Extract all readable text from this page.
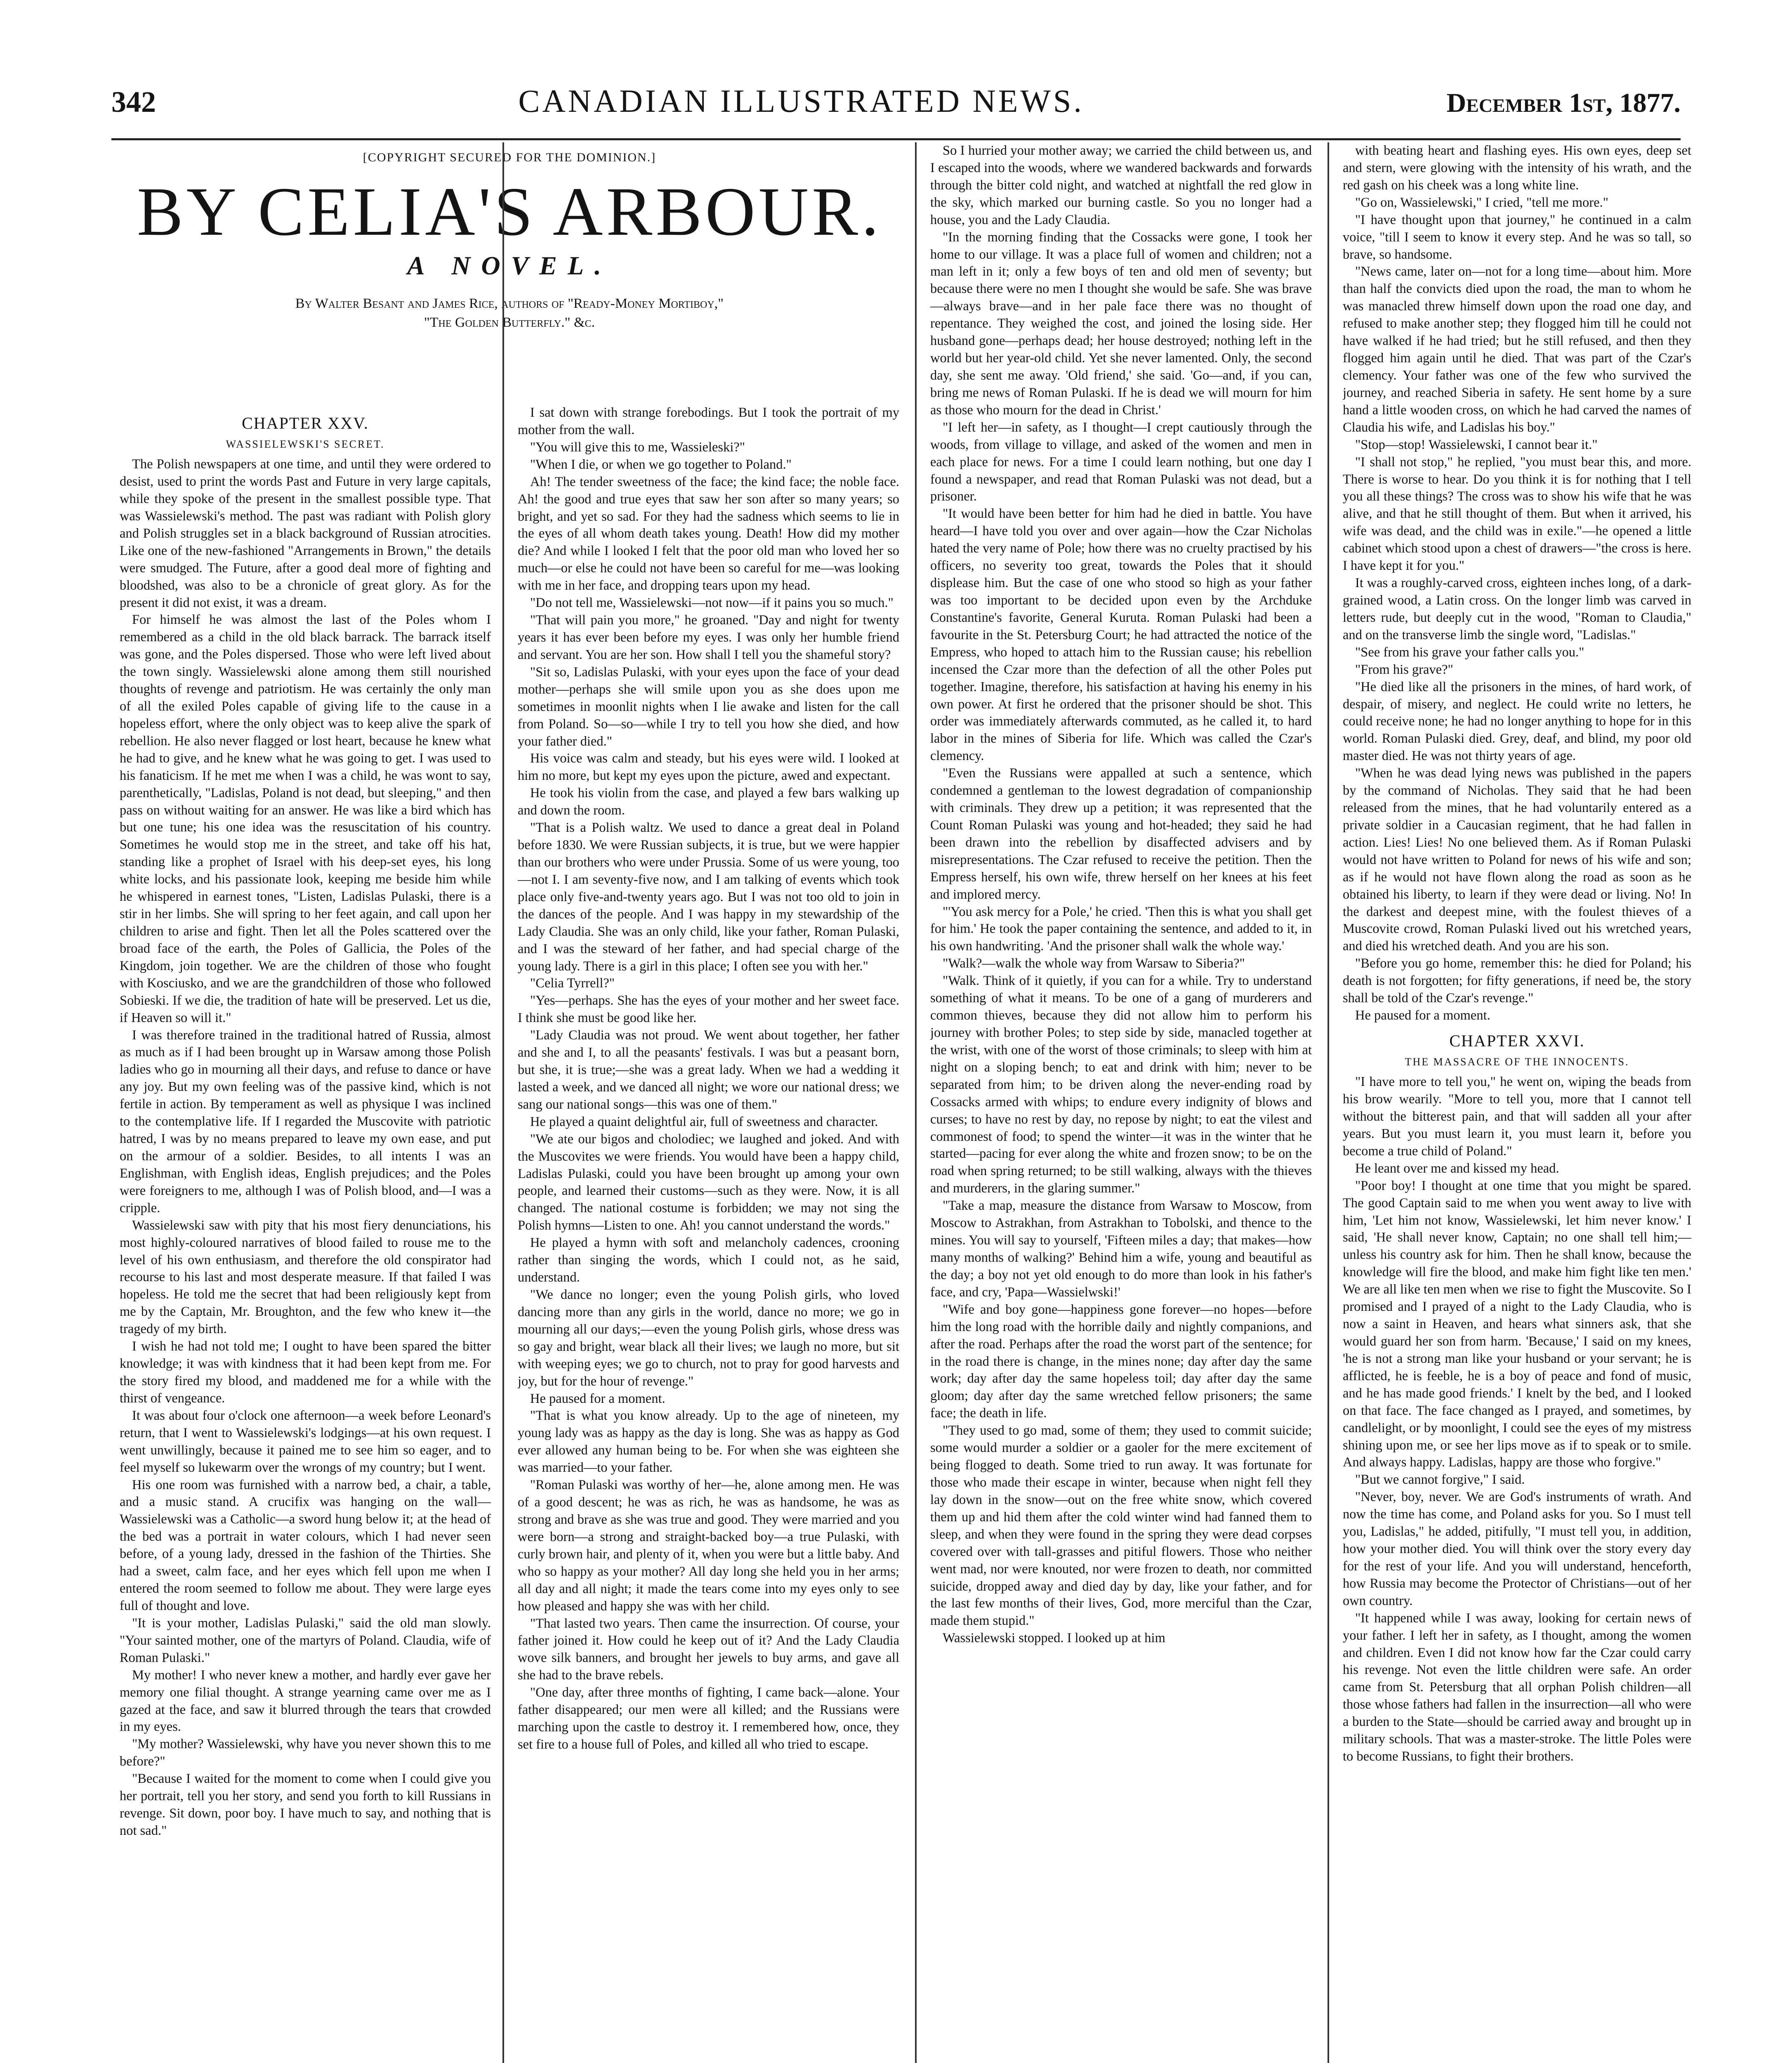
342	CANADIAN ILLUSTRATED NEWS.	December 1st, 1877.
[COPYRIGHT SECURED FOR THE DOMINION.]
BY CELIA'S ARBOUR.
A NOVEL.
By Walter Besant and James Rice, authors of "Ready-Money Mortiboy,"
"The Golden Butterfly." &c.
CHAPTER XXV.
WASSIELEWSKI'S SECRET.

The Polish newspapers at one time, and until they were ordered to desist, used to print the words Past and Future in very large capitals, while they spoke of the present in the smallest possible type. That was Wassielewski's method. The past was radiant with Polish glory and Polish struggles set in a black background of Russian atrocities. Like one of the new-fashioned "Arrangements in Brown," the details were smudged. The Future, after a good deal more of fighting and bloodshed, was also to be a chronicle of great glory. As for the present it did not exist, it was a dream.

For himself he was almost the last of the Poles whom I remembered as a child in the old black barrack. The barrack itself was gone, and the Poles dispersed. Those who were left lived about the town singly. Wassielewski alone among them still nourished thoughts of revenge and patriotism. He was certainly the only man of all the exiled Poles capable of giving life to the cause in a hopeless effort, where the only object was to keep alive the spark of rebellion. He also never flagged or lost heart, because he knew what he had to give, and he knew what he was going to get. I was used to his fanaticism. If he met me when I was a child, he was wont to say, parenthetically, "Ladislas, Poland is not dead, but sleeping," and then pass on without waiting for an answer. He was like a bird which has but one tune; his one idea was the resuscitation of his country. Sometimes he would stop me in the street, and take off his hat, standing like a prophet of Israel with his deep-set eyes, his long white locks, and his passionate look, keeping me beside him while he whispered in earnest tones, "Listen, Ladislas Pulaski, there is a stir in her limbs. She will spring to her feet again, and call upon her children to arise and fight. Then let all the Poles scattered over the broad face of the earth, the Poles of Gallicia, the Poles of the Kingdom, join together. We are the children of those who fought with Kosciusko, and we are the grandchildren of those who followed Sobieski. If we die, the tradition of hate will be preserved. Let us die, if Heaven so will it."

I was therefore trained in the traditional hatred of Russia, almost as much as if I had been brought up in Warsaw among those Polish ladies who go in mourning all their days, and refuse to dance or have any joy. But my own feeling was of the passive kind, which is not fertile in action. By temperament as well as physique I was inclined to the contemplative life. If I regarded the Muscovite with patriotic hatred, I was by no means prepared to leave my own ease, and put on the armour of a soldier. Besides, to all intents I was an Englishman, with English ideas, English prejudices; and the Poles were foreigners to me, although I was of Polish blood, and—I was a cripple.

Wassielewski saw with pity that his most fiery denunciations, his most highly-coloured narratives of blood failed to rouse me to the level of his own enthusiasm, and therefore the old conspirator had recourse to his last and most desperate measure. If that failed I was hopeless. He told me the secret that had been religiously kept from me by the Captain, Mr. Broughton, and the few who knew it—the tragedy of my birth.

I wish he had not told me; I ought to have been spared the bitter knowledge; it was with kindness that it had been kept from me. For the story fired my blood, and maddened me for a while with the thirst of vengeance.

It was about four o'clock one afternoon—a week before Leonard's return, that I went to Wassielewski's lodgings—at his own request. I went unwillingly, because it pained me to see him so eager, and to feel myself so lukewarm over the wrongs of my country; but I went.

His one room was furnished with a narrow bed, a chair, a table, and a music stand. A crucifix was hanging on the wall—Wassielewski was a Catholic—a sword hung below it; at the head of the bed was a portrait in water colours, which I had never seen before, of a young lady, dressed in the fashion of the Thirties. She had a sweet, calm face, and her eyes which fell upon me when I entered the room seemed to follow me about. They were large eyes full of thought and love.

"It is your mother, Ladislas Pulaski," said the old man slowly. "Your sainted mother, one of the martyrs of Poland. Claudia, wife of Roman Pulaski."

My mother! I who never knew a mother, and hardly ever gave her memory one filial thought. A strange yearning came over me as I gazed at the face, and saw it blurred through the tears that crowded in my eyes.

"My mother? Wassielewski, why have you never shown this to me before?"

"Because I waited for the moment to come when I could give you her portrait, tell you her story, and send you forth to kill Russians in revenge. Sit down, poor boy. I have much to say, and nothing that is not sad."

I sat down with strange forebodings. But I took the portrait of my mother from the wall.

"You will give this to me, Wassieleski?"

"When I die, or when we go together to Poland."

Ah! The tender sweetness of the face; the kind face; the noble face. Ah! the good and true eyes that saw her son after so many years; so bright, and yet so sad. For they had the sadness which seems to lie in the eyes of all whom death takes young. Death! How did my mother die? And while I looked I felt that the poor old man who loved her so much—or else he could not have been so careful for me—was looking with me in her face, and dropping tears upon my head.

"Do not tell me, Wassielewski—not now—if it pains you so much."

"That will pain you more," he groaned. "Day and night for twenty years it has ever been before my eyes. I was only her humble friend and servant. You are her son. How shall I tell you the shameful story?

"Sit so, Ladislas Pulaski, with your eyes upon the face of your dead mother—perhaps she will smile upon you as she does upon me sometimes in moonlit nights when I lie awake and listen for the call from Poland. So—so—while I try to tell you how she died, and how your father died."

His voice was calm and steady, but his eyes were wild. I looked at him no more, but kept my eyes upon the picture, awed and expectant.

He took his violin from the case, and played a few bars walking up and down the room.

"That is a Polish waltz. We used to dance a great deal in Poland before 1830. We were Russian subjects, it is true, but we were happier than our brothers who were under Prussia. Some of us were young, too—not I. I am seventy-five now, and I am talking of events which took place only five-and-twenty years ago. But I was not too old to join in the dances of the people. And I was happy in my stewardship of the Lady Claudia. She was an only child, like your father, Roman Pulaski, and I was the steward of her father, and had special charge of the young lady. There is a girl in this place; I often see you with her."

"Celia Tyrrell?"

"Yes—perhaps. She has the eyes of your mother and her sweet face. I think she must be good like her.

"Lady Claudia was not proud. We went about together, her father and she and I, to all the peasants' festivals. I was but a peasant born, but she, it is true;—she was a great lady. When we had a wedding it lasted a week, and we danced all night; we wore our national dress; we sang our national songs—this was one of them."

He played a quaint delightful air, full of sweetness and character.

"We ate our bigos and cholodiec; we laughed and joked. And with the Muscovites we were friends. You would have been a happy child, Ladislas Pulaski, could you have been brought up among your own people, and learned their customs—such as they were. Now, it is all changed. The national costume is forbidden; we may not sing the Polish hymns—Listen to one. Ah! you cannot understand the words."

He played a hymn with soft and melancholy cadences, crooning rather than singing the words, which I could not, as he said, understand.

"We dance no longer; even the young Polish girls, who loved dancing more than any girls in the world, dance no more; we go in mourning all our days;—even the young Polish girls, whose dress was so gay and bright, wear black all their lives; we laugh no more, but sit with weeping eyes; we go to church, not to pray for good harvests and joy, but for the hour of revenge."

He paused for a moment.

"That is what you know already. Up to the age of nineteen, my young lady was as happy as the day is long. She was as happy as God ever allowed any human being to be. For when she was eighteen she was married—to your father.

"Roman Pulaski was worthy of her—he, alone among men. He was of a good descent; he was as rich, he was as handsome, he was as strong and brave as she was true and good. They were married and you were born—a strong and straight-backed boy—a true Pulaski, with curly brown hair, and plenty of it, when you were but a little baby. And who so happy as your mother? All day long she held you in her arms; all day and all night; it made the tears come into my eyes only to see how pleased and happy she was with her child.

"That lasted two years. Then came the insurrection. Of course, your father joined it. How could he keep out of it? And the Lady Claudia wove silk banners, and brought her jewels to buy arms, and gave all she had to the brave rebels.

"One day, after three months of fighting, I came back—alone. Your father disappeared; our men were all killed; and the Russians were marching upon the castle to destroy it. I remembered how, once, they set fire to a house full of Poles, and killed all who tried to escape.

So I hurried your mother away; we carried the child between us, and I escaped into the woods, where we wandered backwards and forwards through the bitter cold night, and watched at nightfall the red glow in the sky, which marked our burning castle. So you no longer had a house, you and the Lady Claudia.

"In the morning finding that the Cossacks were gone, I took her home to our village. It was a place full of women and children; not a man left in it; only a few boys of ten and old men of seventy; but because there were no men I thought she would be safe. She was brave—always brave—and in her pale face there was no thought of repentance. They weighed the cost, and joined the losing side. Her husband gone—perhaps dead; her house destroyed; nothing left in the world but her year-old child. Yet she never lamented. Only, the second day, she sent me away. 'Old friend,' she said. 'Go—and, if you can, bring me news of Roman Pulaski. If he is dead we will mourn for him as those who mourn for the dead in Christ.'

"I left her—in safety, as I thought—I crept cautiously through the woods, from village to village, and asked of the women and men in each place for news. For a time I could learn nothing, but one day I found a newspaper, and read that Roman Pulaski was not dead, but a prisoner.

"It would have been better for him had he died in battle. You have heard—I have told you over and over again—how the Czar Nicholas hated the very name of Pole; how there was no cruelty practised by his officers, no severity too great, towards the Poles that it should displease him. But the case of one who stood so high as your father was too important to be decided upon even by the Archduke Constantine's favorite, General Kuruta. Roman Pulaski had been a favourite in the St. Petersburg Court; he had attracted the notice of the Empress, who hoped to attach him to the Russian cause; his rebellion incensed the Czar more than the defection of all the other Poles put together. Imagine, therefore, his satisfaction at having his enemy in his own power. At first he ordered that the prisoner should be shot. This order was immediately afterwards commuted, as he called it, to hard labor in the mines of Siberia for life. Which was called the Czar's clemency.

"Even the Russians were appalled at such a sentence, which condemned a gentleman to the lowest degradation of companionship with criminals. They drew up a petition; it was represented that the Count Roman Pulaski was young and hot-headed; they said he had been drawn into the rebellion by disaffected advisers and by misrepresentations. The Czar refused to receive the petition. Then the Empress herself, his own wife, threw herself on her knees at his feet and implored mercy.

"'You ask mercy for a Pole,' he cried. 'Then this is what you shall get for him.' He took the paper containing the sentence, and added to it, in his own handwriting. 'And the prisoner shall walk the whole way.'

"Walk?—walk the whole way from Warsaw to Siberia?"

"Walk. Think of it quietly, if you can for a while. Try to understand something of what it means. To be one of a gang of murderers and common thieves, because they did not allow him to perform his journey with brother Poles; to step side by side, manacled together at the wrist, with one of the worst of those criminals; to sleep with him at night on a sloping bench; to eat and drink with him; never to be separated from him; to be driven along the never-ending road by Cossacks armed with whips; to endure every indignity of blows and curses; to have no rest by day, no repose by night; to eat the vilest and commonest of food; to spend the winter—it was in the winter that he started—pacing for ever along the white and frozen snow; to be on the road when spring returned; to be still walking, always with the thieves and murderers, in the glaring summer."

"Take a map, measure the distance from Warsaw to Moscow, from Moscow to Astrakhan, from Astrakhan to Tobolski, and thence to the mines. You will say to yourself, 'Fifteen miles a day; that makes—how many months of walking?' Behind him a wife, young and beautiful as the day; a boy not yet old enough to do more than look in his father's face, and cry, 'Papa—Wassielwski!'

"Wife and boy gone—happiness gone forever—no hopes—before him the long road with the horrible daily and nightly companions, and after the road. Perhaps after the road the worst part of the sentence; for in the road there is change, in the mines none; day after day the same work; day after day the same hopeless toil; day after day the same gloom; day after day the same wretched fellow prisoners; the same face; the death in life.

"They used to go mad, some of them; they used to commit suicide; some would murder a soldier or a gaoler for the mere excitement of being flogged to death. Some tried to run away. It was fortunate for those who made their escape in winter, because when night fell they lay down in the snow—out on the free white snow, which covered them up and hid them after the cold winter wind had fanned them to sleep, and when they were found in the spring they were dead corpses covered over with tall-grasses and pitiful flowers. Those who neither went mad, nor were knouted, nor were frozen to death, nor committed suicide, dropped away and died day by day, like your father, and for the last few months of their lives, God, more merciful than the Czar, made them stupid."

Wassielewski stopped. I looked up at him

with beating heart and flashing eyes. His own eyes, deep set and stern, were glowing with the intensity of his wrath, and the red gash on his cheek was a long white line.

"Go on, Wassielewski," I cried, "tell me more."

"I have thought upon that journey," he continued in a calm voice, "till I seem to know it every step. And he was so tall, so brave, so handsome.

"News came, later on—not for a long time—about him. More than half the convicts died upon the road, the man to whom he was manacled threw himself down upon the road one day, and refused to make another step; they flogged him till he could not have walked if he had tried; but he still refused, and then they flogged him again until he died. That was part of the Czar's clemency. Your father was one of the few who survived the journey, and reached Siberia in safety. He sent home by a sure hand a little wooden cross, on which he had carved the names of Claudia his wife, and Ladislas his boy."

"Stop—stop! Wassielewski, I cannot bear it."

"I shall not stop," he replied, "you must bear this, and more. There is worse to hear. Do you think it is for nothing that I tell you all these things? The cross was to show his wife that he was alive, and that he still thought of them. But when it arrived, his wife was dead, and the child was in exile."—he opened a little cabinet which stood upon a chest of drawers—"the cross is here. I have kept it for you."

It was a roughly-carved cross, eighteen inches long, of a dark-grained wood, a Latin cross. On the longer limb was carved in letters rude, but deeply cut in the wood, "Roman to Claudia," and on the transverse limb the single word, "Ladislas."

"See from his grave your father calls you."

"From his grave?"

"He died like all the prisoners in the mines, of hard work, of despair, of misery, and neglect. He could write no letters, he could receive none; he had no longer anything to hope for in this world. Roman Pulaski died. Grey, deaf, and blind, my poor old master died. He was not thirty years of age.

"When he was dead lying news was published in the papers by the command of Nicholas. They said that he had been released from the mines, that he had voluntarily entered as a private soldier in a Caucasian regiment, that he had fallen in action. Lies! Lies! No one believed them. As if Roman Pulaski would not have written to Poland for news of his wife and son; as if he would not have flown along the road as soon as he obtained his liberty, to learn if they were dead or living. No! In the darkest and deepest mine, with the foulest thieves of a Muscovite crowd, Roman Pulaski lived out his wretched years, and died his wretched death. And you are his son.

"Before you go home, remember this: he died for Poland; his death is not forgotten; for fifty generations, if need be, the story shall be told of the Czar's revenge."

He paused for a moment.

CHAPTER XXVI.
THE MASSACRE OF THE INNOCENTS.

"I have more to tell you," he went on, wiping the beads from his brow wearily. "More to tell you, more that I cannot tell without the bitterest pain, and that will sadden all your after years. But you must learn it, you must learn it, before you become a true child of Poland."

He leant over me and kissed my head.

"Poor boy! I thought at one time that you might be spared. The good Captain said to me when you went away to live with him, 'Let him not know, Wassielewski, let him never know.' I said, 'He shall never know, Captain; no one shall tell him;—unless his country ask for him. Then he shall know, because the knowledge will fire the blood, and make him fight like ten men.' We are all like ten men when we rise to fight the Muscovite. So I promised and I prayed of a night to the Lady Claudia, who is now a saint in Heaven, and hears what sinners ask, that she would guard her son from harm. 'Because,' I said on my knees, 'he is not a strong man like your husband or your servant; he is afflicted, he is feeble, he is a boy of peace and fond of music, and he has made good friends.' I knelt by the bed, and I looked on that face. The face changed as I prayed, and sometimes, by candlelight, or by moonlight, I could see the eyes of my mistress shining upon me, or see her lips move as if to speak or to smile. And always happy. Ladislas, happy are those who forgive."

"But we cannot forgive," I said.

"Never, boy, never. We are God's instruments of wrath. And now the time has come, and Poland asks for you. So I must tell you, Ladislas," he added, pitifully, "I must tell you, in addition, how your mother died. You will think over the story every day for the rest of your life. And you will understand, henceforth, how Russia may become the Protector of Christians—out of her own country.

"It happened while I was away, looking for certain news of your father. I left her in safety, as I thought, among the women and children. Even I did not know how far the Czar could carry his revenge. Not even the little children were safe. An order came from St. Petersburg that all orphan Polish children—all those whose fathers had fallen in the insurrection—all who were a burden to the State—should be carried away and brought up in military schools. That was a master-stroke. The little Poles were to become Russians, to fight their brothers.
